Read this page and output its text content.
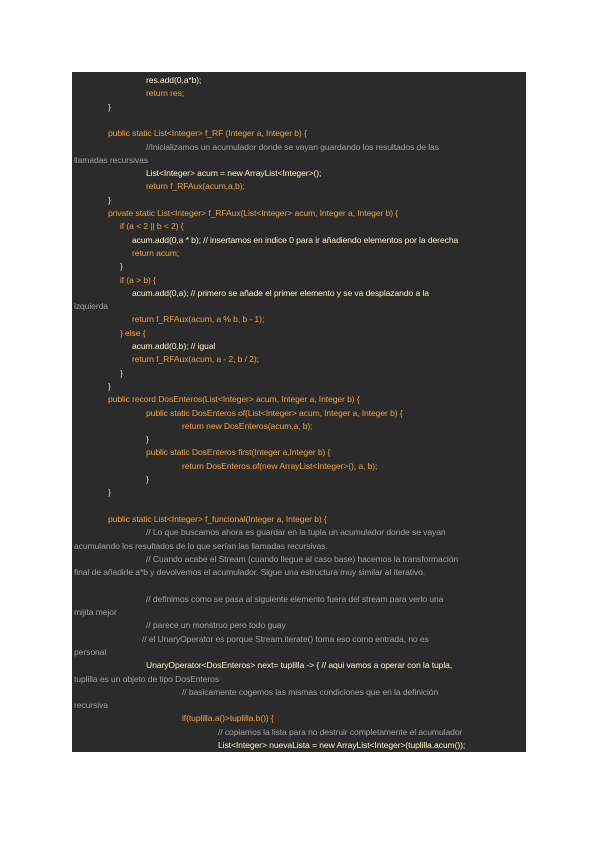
res.add(0,a*b);
return res;
}
public static List<Integer> f_RF (Integer a, Integer b) {
//Inicializamos un acumulador donde se vayan guardando los resultados de las
llamadas recursivas
List<Integer> acum = new ArrayList<Integer>();
return f_RFAux(acum,a,b);
}
private static List<Integer> f_RFAux(List<Integer> acum, Integer a, Integer b) {
if (a < 2 || b < 2) {
acum.add(0,a * b); // insertamos en indice 0 para ir añadiendo elementos por la derecha
return acum;
}
if (a > b) {
acum.add(0,a); // primero se añade el primer elemento y se va desplazando a la
izquierda
return f_RFAux(acum, a % b, b - 1);
} else {
acum.add(0,b); // igual
return f_RFAux(acum, a - 2, b / 2);
}
}
public record DosEnteros(List<Integer> acum, Integer a, Integer b) {
public static DosEnteros of(List<Integer> acum, Integer a, Integer b) {
return new DosEnteros(acum,a, b);
}
public static DosEnteros first(Integer a,Integer b) {
return DosEnteros.of(new ArrayList<Integer>(), a, b);
}
}
public static List<Integer> f_funcional(Integer a, Integer b) {
// Lo que buscamos ahora es guardar en la tupla un acumulador donde se vayan
acumulando los resultados de lo que serían las llamadas recursivas.
// Cuando acabe el Stream (cuando llegue al caso base) hacemos la transformación
final de añadirle a*b y devolvemos el acumulador. Sigue una estructura muy similar al iterativo.
// definimos como se pasa al siguiente elemento fuera del stream para verlo una
mijita mejor
// parece un monstruo pero todo guay
// el UnaryOperator es porque Stream.iterate() toma eso como entrada, no es
personal
UnaryOperator<DosEnteros> next= tuplilla -> { // aqui vamos a operar con la tupla,
tuplilla es un objeto de tipo DosEnteros
// basicamente cogemos las mismas condiciones que en la definición
recursiva
if(tuplilla.a()>tuplilla.b()) {
// copiamos la lista para no destruir completamente el acumulador
List<Integer> nuevaLista = new ArrayList<Integer>(tuplilla.acum());
